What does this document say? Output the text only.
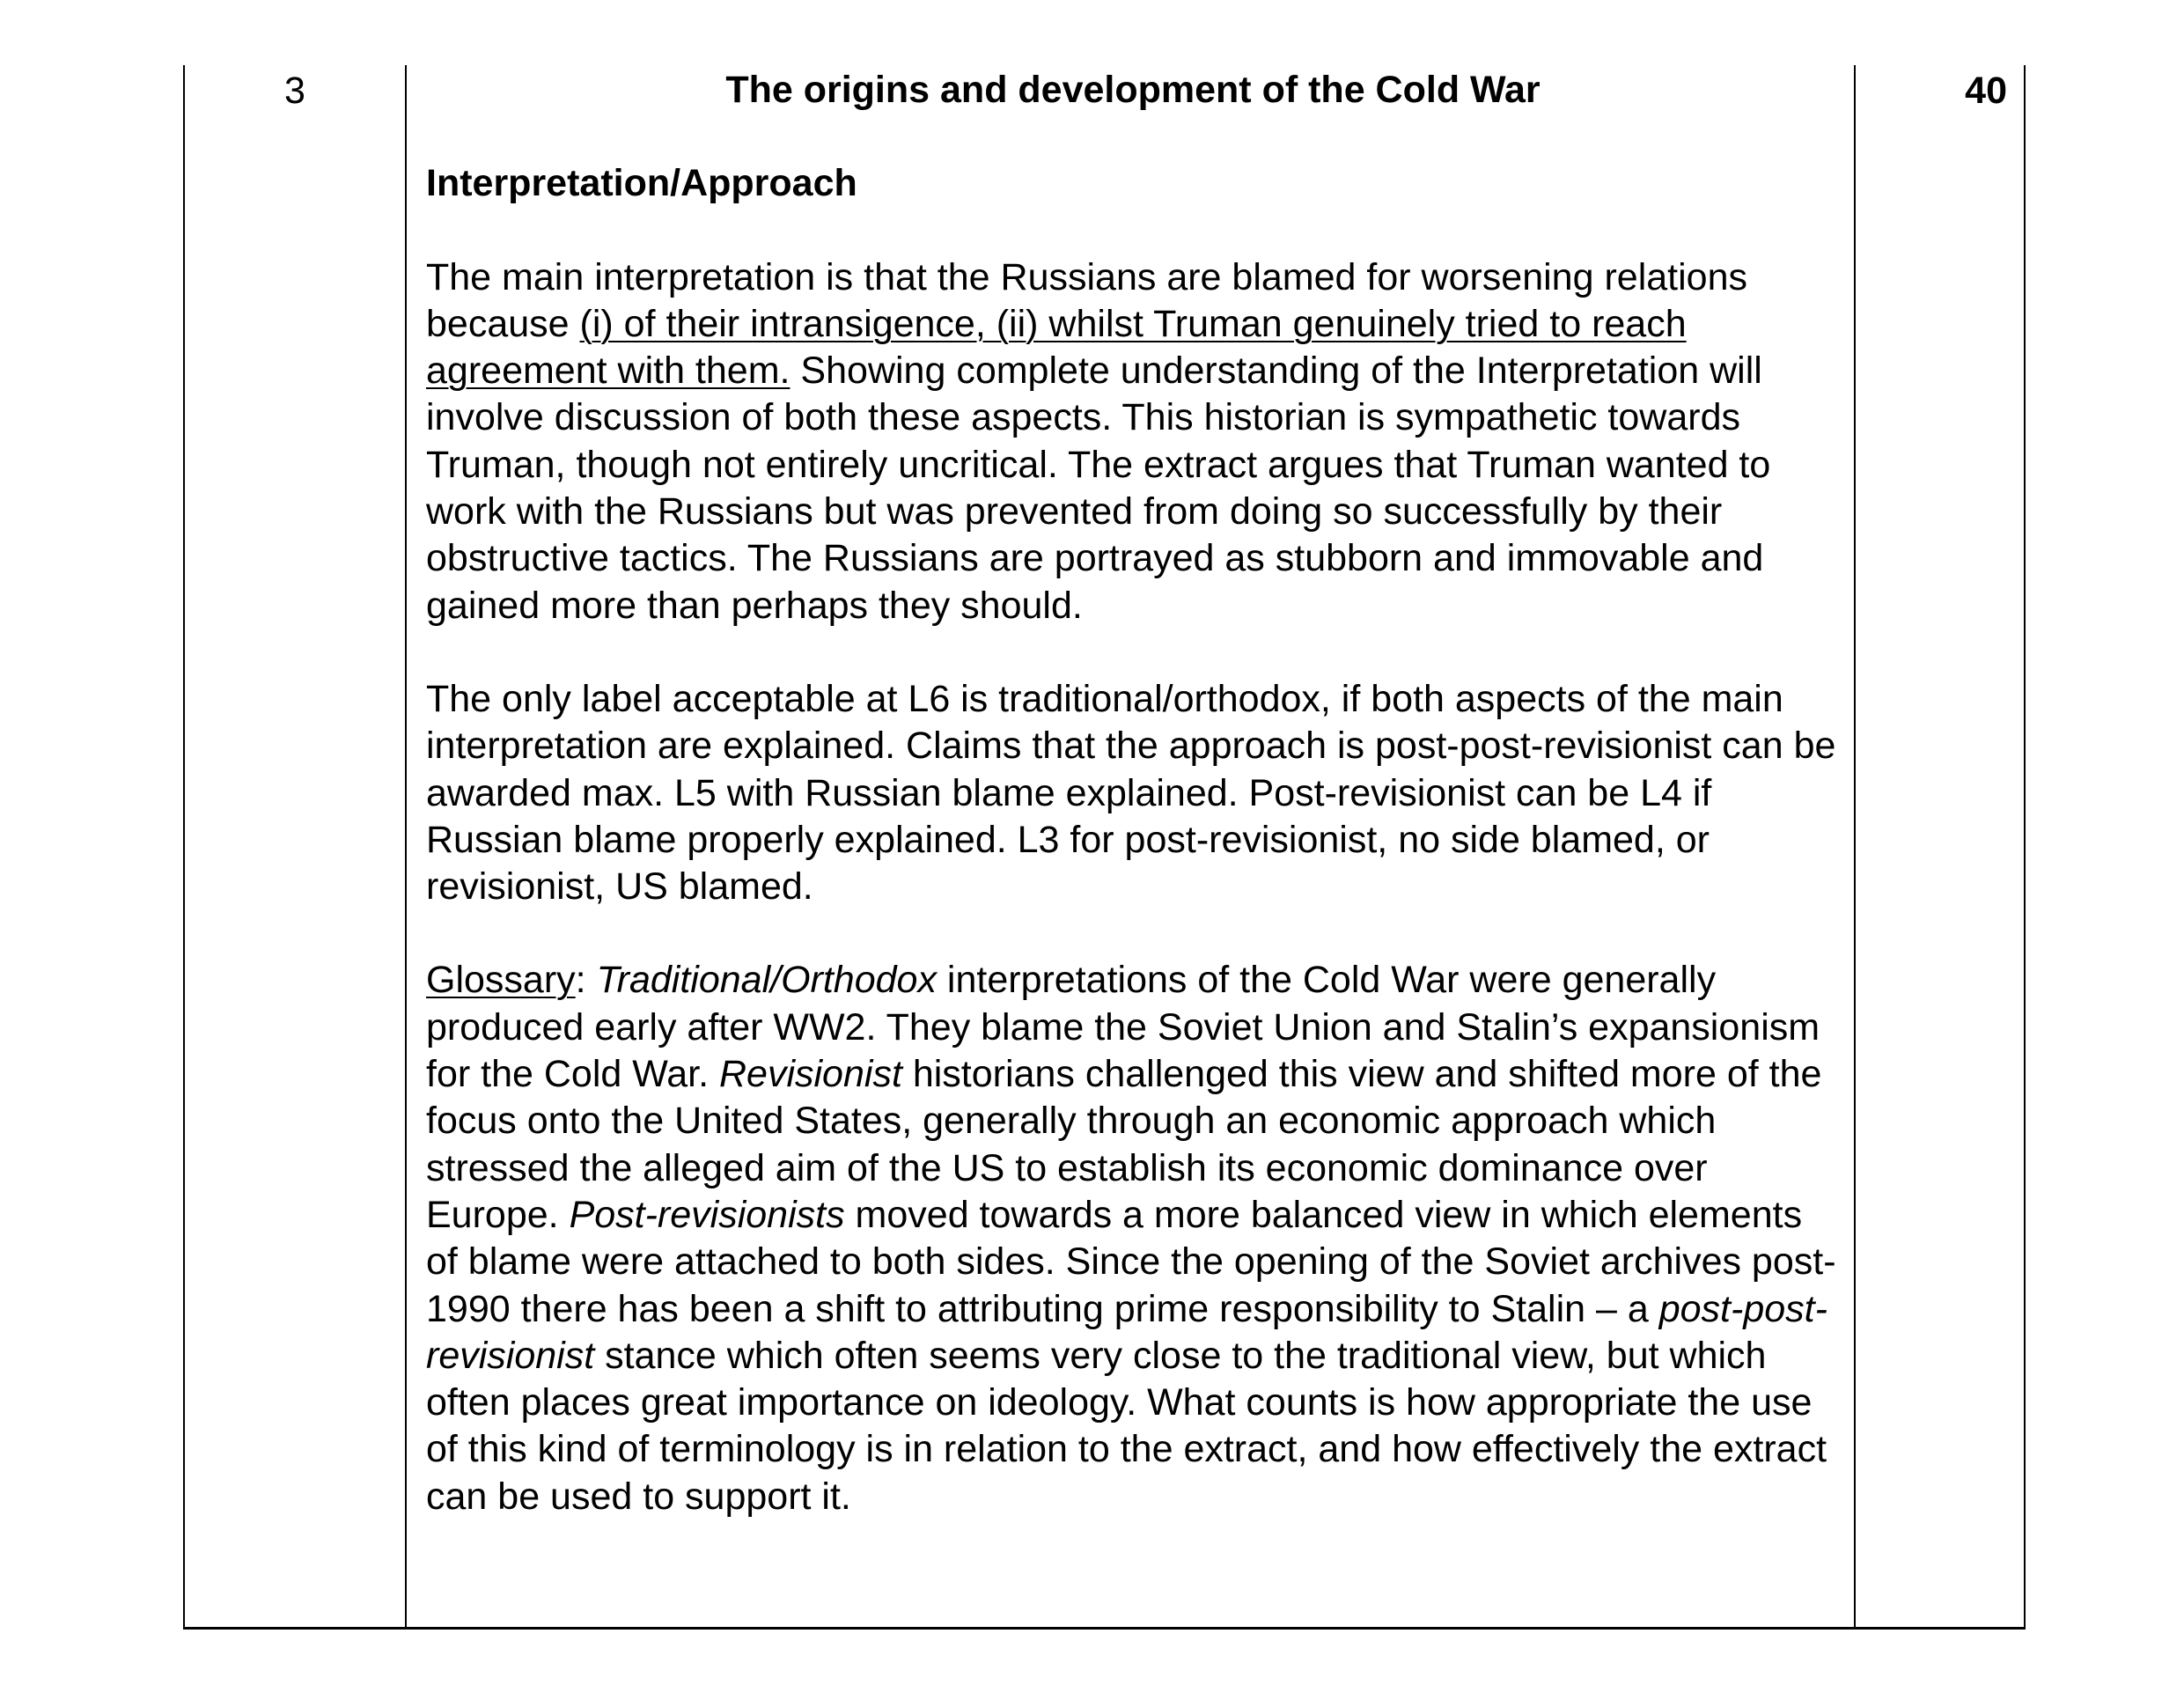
3	40

The origins and development of the Cold War

Interpretation/Approach

The main interpretation is that the Russians are blamed for worsening relations because (i) of their intransigence, (ii) whilst Truman genuinely tried to reach agreement with them. Showing complete understanding of the Interpretation will involve discussion of both these aspects. This historian is sympathetic towards Truman, though not entirely uncritical. The extract argues that Truman wanted to work with the Russians but was prevented from doing so successfully by their obstructive tactics. The Russians are portrayed as stubborn and immovable and gained more than perhaps they should.

The only label acceptable at L6 is traditional/orthodox, if both aspects of the main interpretation are explained. Claims that the approach is post-post-revisionist can be awarded max. L5 with Russian blame explained. Post-revisionist can be L4 if Russian blame properly explained. L3 for post-revisionist, no side blamed, or revisionist, US blamed.

Glossary: Traditional/Orthodox interpretations of the Cold War were generally produced early after WW2. They blame the Soviet Union and Stalin’s expansionism for the Cold War. Revisionist historians challenged this view and shifted more of the focus onto the United States, generally through an economic approach which stressed the alleged aim of the US to establish its economic dominance over Europe. Post-revisionists moved towards a more balanced view in which elements of blame were attached to both sides. Since the opening of the Soviet archives post-1990 there has been a shift to attributing prime responsibility to Stalin – a post-post-revisionist stance which often seems very close to the traditional view, but which often places great importance on ideology. What counts is how appropriate the use of this kind of terminology is in relation to the extract, and how effectively the extract can be used to support it.
